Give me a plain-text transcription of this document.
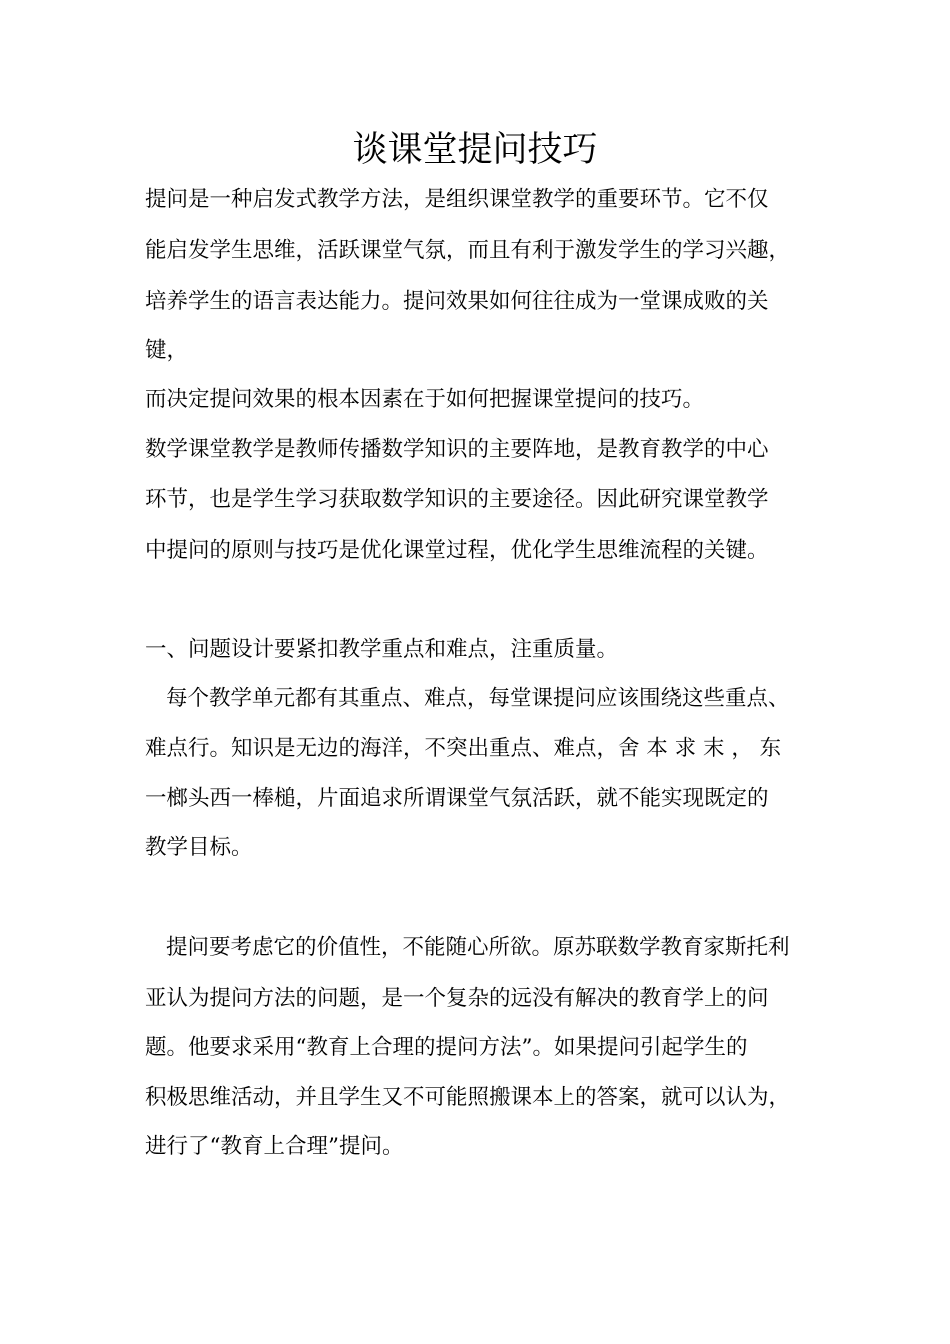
谈课堂提问技巧
提问是一种启发式教学方法，是组织课堂教学的重要环节。它不仅
能启发学生思维，活跃课堂气氛，而且有利于激发学生的学习兴趣，
培养学生的语言表达能力。提问效果如何往往成为一堂课成败的关
键，
而决定提问效果的根本因素在于如何把握课堂提问的技巧。
数学课堂教学是教师传播数学知识的主要阵地，是教育教学的中心
环节，也是学生学习获取数学知识的主要途径。因此研究课堂教学
中提问的原则与技巧是优化课堂过程，优化学生思维流程的关键。
一、问题设计要紧扣教学重点和难点，注重质量。
每个教学单元都有其重点、难点，每堂课提问应该围绕这些重点、
难点行。知识是无边的海洋，不突出重点、难点，舍 本 求 末 ， 东
一榔头西一棒槌，片面追求所谓课堂气氛活跃，就不能实现既定的
教学目标。
提问要考虑它的价值性，不能随心所欲。原苏联数学教育家斯托利
亚认为提问方法的问题，是一个复杂的远没有解决的教育学上的问
题。他要求采用“教育上合理的提问方法”。如果提问引起学生的
积极思维活动，并且学生又不可能照搬课本上的答案，就可以认为，
进行了“教育上合理”提问。
